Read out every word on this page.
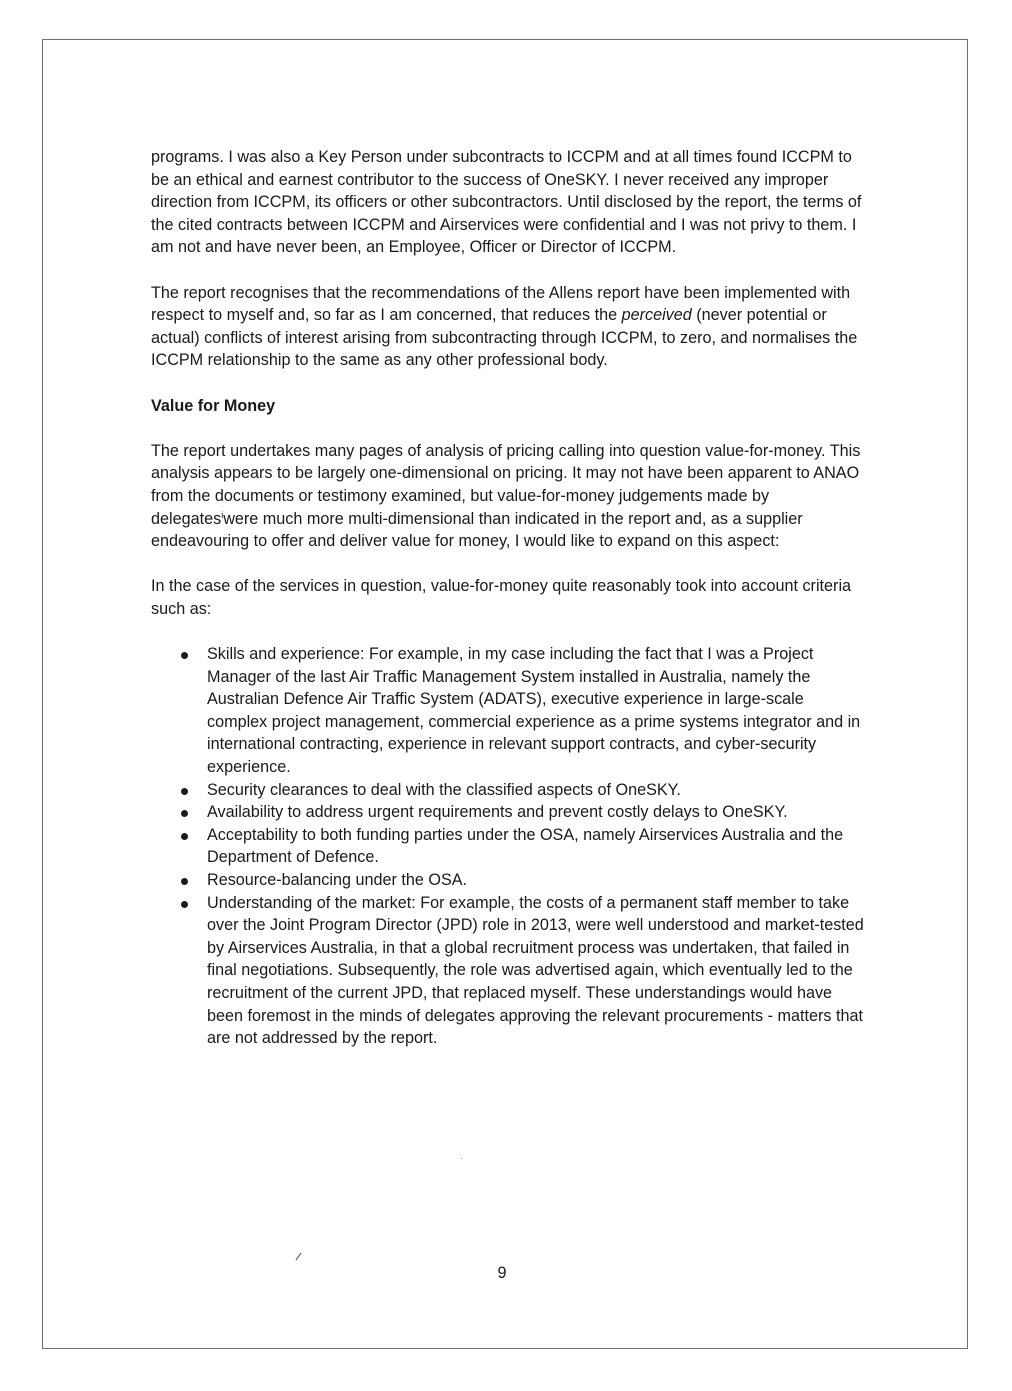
programs. I was also a Key Person under subcontracts to ICCPM and at all times found ICCPM to be an ethical and earnest contributor to the success of OneSKY. I never received any improper direction from ICCPM, its officers or other subcontractors. Until disclosed by the report, the terms of the cited contracts between ICCPM and Airservices were confidential and I was not privy to them. I am not and have never been, an Employee, Officer or Director of ICCPM.

The report recognises that the recommendations of the Allens report have been implemented with respect to myself and, so far as I am concerned, that reduces the perceived (never potential or actual) conflicts of interest arising from subcontracting through ICCPM, to zero, and normalises the ICCPM relationship to the same as any other professional body.

Value for Money

The report undertakes many pages of analysis of pricing calling into question value-for-money. This analysis appears to be largely one-dimensional on pricing. It may not have been apparent to ANAO from the documents or testimony examined, but value-for-money judgements made by delegates$^i$were much more multi-dimensional than indicated in the report and, as a supplier endeavouring to offer and deliver value for money, I would like to expand on this aspect:

In the case of the services in question, value-for-money quite reasonably took into account criteria such as:

Skills and experience: For example, in my case including the fact that I was a Project Manager of the last Air Traffic Management System installed in Australia, namely the Australian Defence Air Traffic System (ADATS), executive experience in large-scale complex project management, commercial experience as a prime systems integrator and in international contracting, experience in relevant support contracts, and cyber-security experience.
Security clearances to deal with the classified aspects of OneSKY.
Availability to address urgent requirements and prevent costly delays to OneSKY.
Acceptability to both funding parties under the OSA, namely Airservices Australia and the Department of Defence.
Resource-balancing under the OSA.
Understanding of the market: For example, the costs of a permanent staff member to take over the Joint Program Director (JPD) role in 2013, were well understood and market-tested by Airservices Australia, in that a global recruitment process was undertaken, that failed in final negotiations. Subsequently, the role was advertised again, which eventually led to the recruitment of the current JPD, that replaced myself. These understandings would have been foremost in the minds of delegates approving the relevant procurements - matters that are not addressed by the report.
9
